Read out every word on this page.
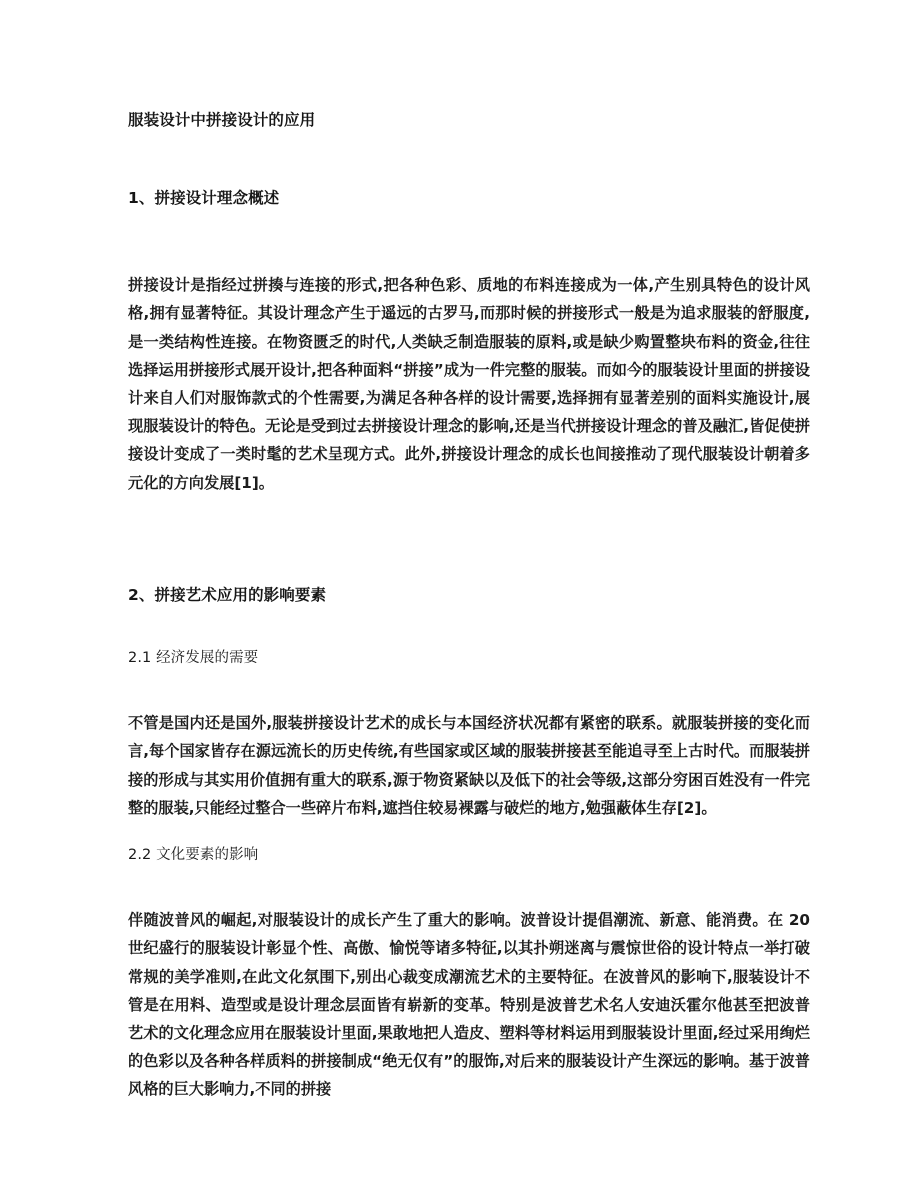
服装设计中拼接设计的应用
1、拼接设计理念概述

拼接设计是指经过拼揍与连接的形式,把各种色彩、质地的布料连接成为一体,产生别具特色的设计风格,拥有显著特征。其设计理念产生于遥远的古罗马,而那时候的拼接形式一般是为追求服装的舒服度,是一类结构性连接。在物资匮乏的时代,人类缺乏制造服装的原料,或是缺少购置整块布料的资金,往往选择运用拼接形式展开设计,把各种面料“拼接”成为一件完整的服装。而如今的服装设计里面的拼接设计来自人们对服饰款式的个性需要,为满足各种各样的设计需要,选择拥有显著差别的面料实施设计,展现服装设计的特色。无论是受到过去拼接设计理念的影响,还是当代拼接设计理念的普及融汇,皆促使拼接设计变成了一类时髦的艺术呈现方式。此外,拼接设计理念的成长也间接推动了现代服装设计朝着多元化的方向发展[1]。

2、拼接艺术应用的影响要素
2.1 经济发展的需要

不管是国内还是国外,服装拼接设计艺术的成长与本国经济状况都有紧密的联系。就服装拼接的变化而言,每个国家皆存在源远流长的历史传统,有些国家或区域的服装拼接甚至能追寻至上古时代。而服装拼接的形成与其实用价值拥有重大的联系,源于物资紧缺以及低下的社会等级,这部分穷困百姓没有一件完整的服装,只能经过整合一些碎片布料,遮挡住较易裸露与破烂的地方,勉强蔽体生存[2]。

2.2 文化要素的影响

伴随波普风的崛起,对服装设计的成长产生了重大的影响。波普设计提倡潮流、新意、能消费。在 20 世纪盛行的服装设计彰显个性、高傲、愉悦等诸多特征,以其扑朔迷离与震惊世俗的设计特点一举打破常规的美学准则,在此文化氛围下,别出心裁变成潮流艺术的主要特征。在波普风的影响下,服装设计不管是在用料、造型或是设计理念层面皆有崭新的变革。特别是波普艺术名人安迪沃霍尔他甚至把波普艺术的文化理念应用在服装设计里面,果敢地把人造皮、塑料等材料运用到服装设计里面,经过采用绚烂的色彩以及各种各样质料的拼接制成“绝无仅有”的服饰,对后来的服装设计产生深远的影响。基于波普风格的巨大影响力,不同的拼接
